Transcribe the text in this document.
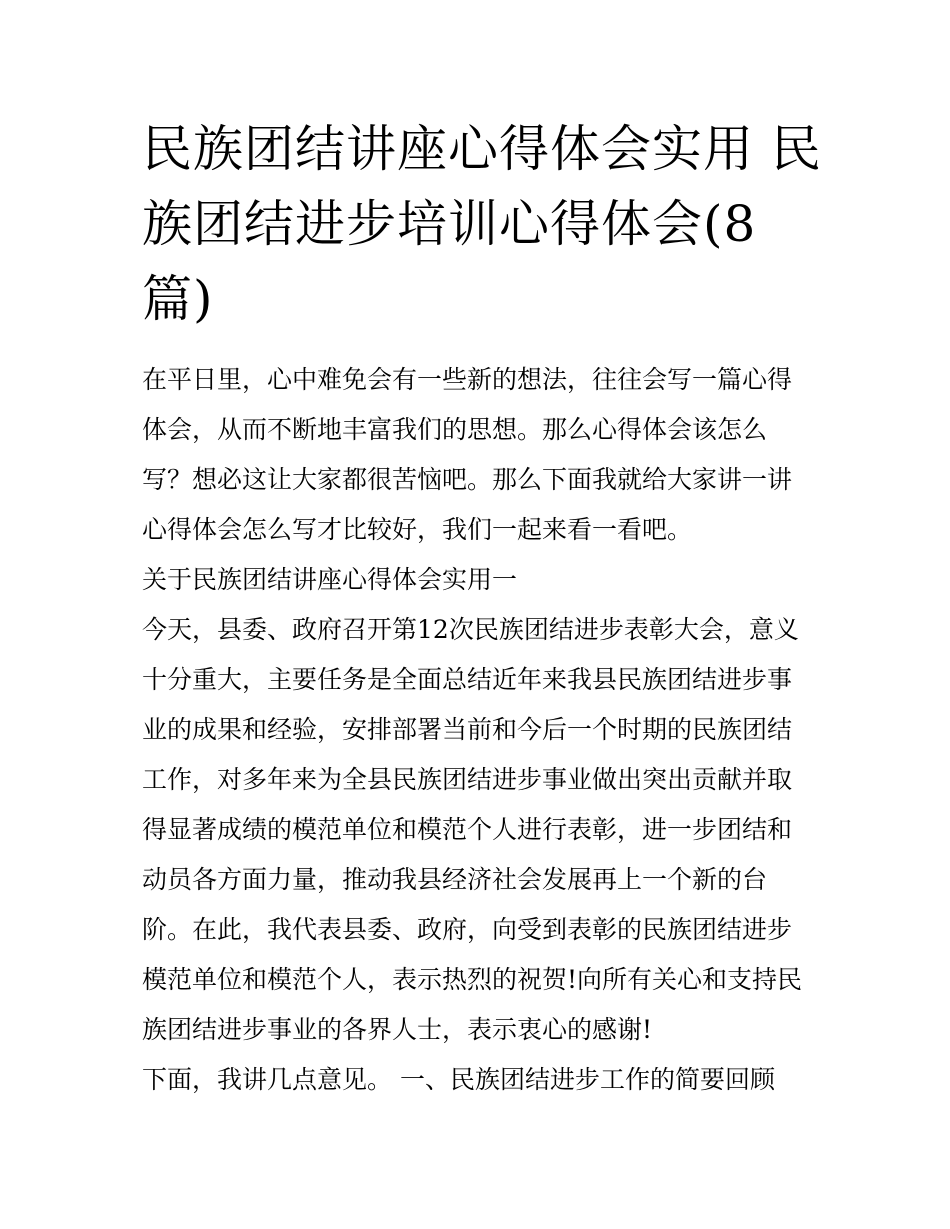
民族团结讲座心得体会实用 民族团结进步培训心得体会(8篇)

在平日里，心中难免会有一些新的想法，往往会写一篇心得体会，从而不断地丰富我们的思想。那么心得体会该怎么写？想必这让大家都很苦恼吧。那么下面我就给大家讲一讲心得体会怎么写才比较好，我们一起来看一看吧。

关于民族团结讲座心得体会实用一

今天，县委、政府召开第12次民族团结进步表彰大会，意义十分重大，主要任务是全面总结近年来我县民族团结进步事业的成果和经验，安排部署当前和今后一个时期的民族团结工作，对多年来为全县民族团结进步事业做出突出贡献并取得显著成绩的模范单位和模范个人进行表彰，进一步团结和动员各方面力量，推动我县经济社会发展再上一个新的台阶。在此，我代表县委、政府，向受到表彰的民族团结进步模范单位和模范个人，表示热烈的祝贺!向所有关心和支持民族团结进步事业的各界人士，表示衷心的感谢!

下面，我讲几点意见。 一、民族团结进步工作的简要回顾
